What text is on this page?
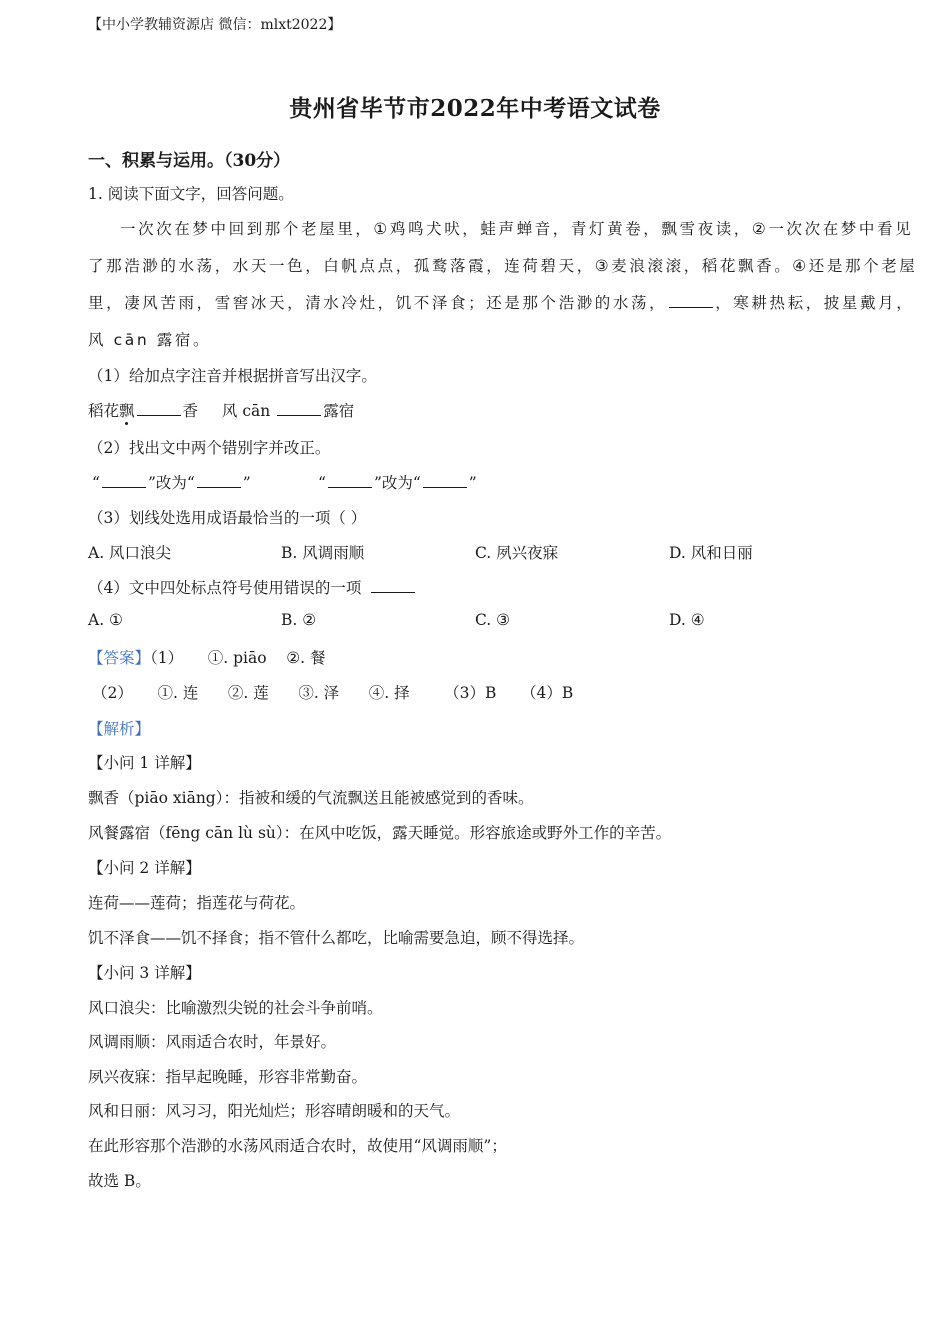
【中小学教辅资源店 微信：mlxt2022】
贵州省毕节市2022年中考语文试卷
一、积累与运用。（30分）
1. 阅读下面文字，回答问题。
一次次在梦中回到那个老屋里，①鸡鸣犬吠，蛙声蝉音，青灯黄卷，飘雪夜读，②一次次在梦中看见
了那浩渺的水荡，水天一色，白帆点点，孤鹜落霞，连荷碧天，③麦浪滚滚，稻花飘香。④还是那个老屋
里，凄风苦雨，雪窖冰天，清水冷灶，饥不泽食；还是那个浩渺的水荡，	，寒耕热耘，披星戴月，
风 cān 露宿。
（1）给加点字注音并根据拼音写出汉字。
稻花飘	香 风 cān	露宿
（2）找出文中两个错别字并改正。
“	”改为“	”	“	”改为“	”
（3）划线处选用成语最恰当的一项（ ）
A. 风口浪尖	B. 风调雨顺	C. 夙兴夜寐	D. 风和日丽
（4）文中四处标点符号使用错误的一项
A. ①	B. ②	C. ③	D. ④
【答案】（1）     ①. piāo    ②. 餐
（2）     ①. 连      ②. 莲      ③. 泽      ④. 择       （3）B     （4）B
【解析】
【小问 1 详解】
飘香（piāo xiāng）：指被和缓的气流飘送且能被感觉到的香味。
风餐露宿（fēng cān lù sù）：在风中吃饭，露天睡觉。形容旅途或野外工作的辛苦。
【小问 2 详解】
连荷——莲荷；指莲花与荷花。
饥不泽食——饥不择食；指不管什么都吃，比喻需要急迫，顾不得选择。
【小问 3 详解】
风口浪尖：比喻激烈尖锐的社会斗争前哨。
风调雨顺：风雨适合农时，年景好。
夙兴夜寐：指早起晚睡，形容非常勤奋。
风和日丽：风习习，阳光灿烂；形容晴朗暖和的天气。
在此形容那个浩渺的水荡风雨适合农时，故使用“风调雨顺”；
故选 B。
